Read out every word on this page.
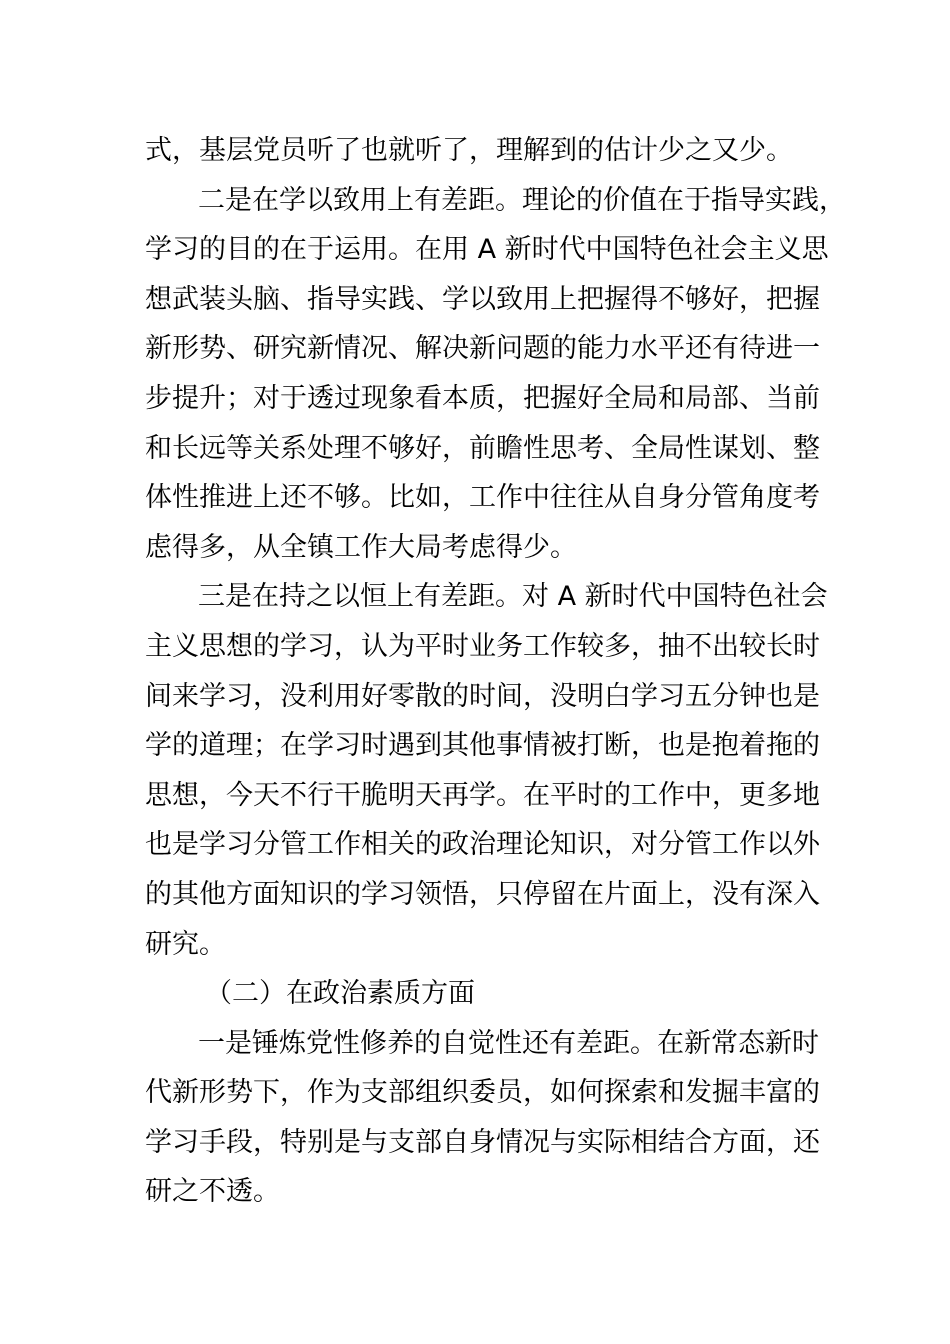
式，基层党员听了也就听了，理解到的估计少之又少。
二是在学以致用上有差距。理论的价值在于指导实践，
学习的目的在于运用。在用 A 新时代中国特色社会主义思
想武装头脑、指导实践、学以致用上把握得不够好，把握
新形势、研究新情况、解决新问题的能力水平还有待进一
步提升；对于透过现象看本质，把握好全局和局部、当前
和长远等关系处理不够好，前瞻性思考、全局性谋划、整
体性推进上还不够。比如，工作中往往从自身分管角度考
虑得多，从全镇工作大局考虑得少。
三是在持之以恒上有差距。对 A 新时代中国特色社会
主义思想的学习，认为平时业务工作较多，抽不出较长时
间来学习，没利用好零散的时间，没明白学习五分钟也是
学的道理；在学习时遇到其他事情被打断，也是抱着拖的
思想，今天不行干脆明天再学。在平时的工作中，更多地
也是学习分管工作相关的政治理论知识，对分管工作以外
的其他方面知识的学习领悟，只停留在片面上，没有深入
研究。
（二）在政治素质方面
一是锤炼党性修养的自觉性还有差距。在新常态新时
代新形势下，作为支部组织委员，如何探索和发掘丰富的
学习手段，特别是与支部自身情况与实际相结合方面，还
研之不透。
